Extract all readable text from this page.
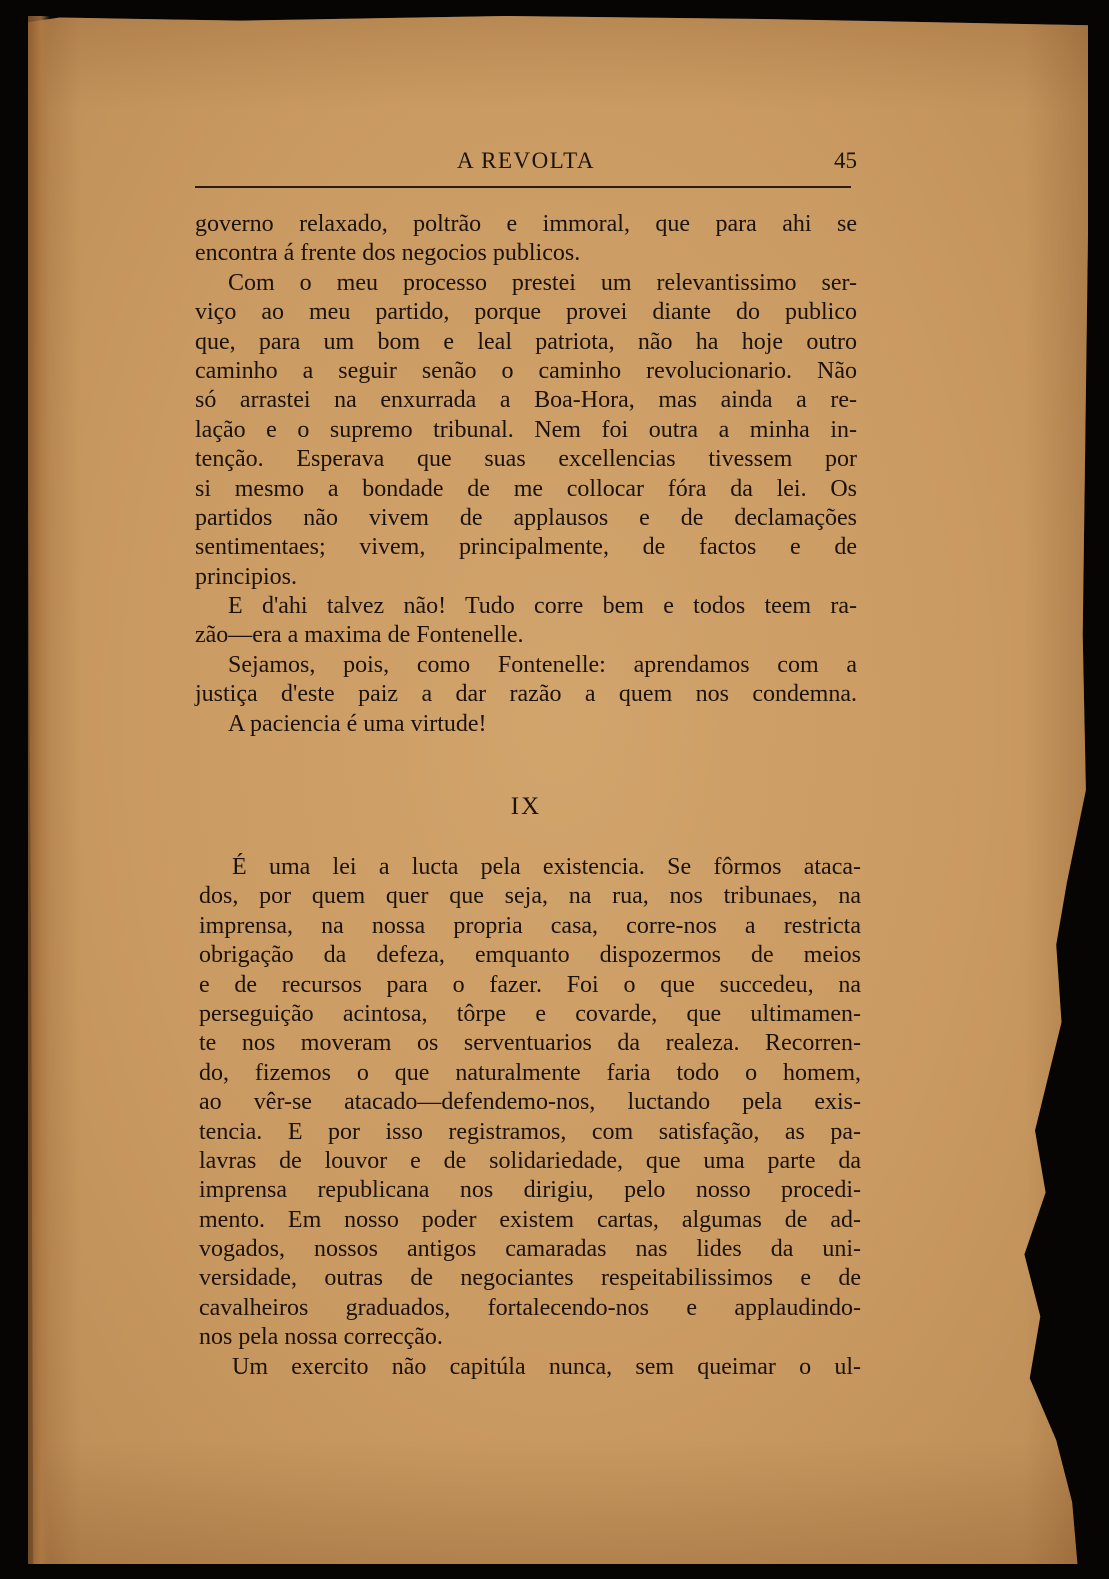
A REVOLTA	45
governo relaxado, poltrão e immoral, que para ahi se
encontra á frente dos negocios publicos.
Com o meu processo prestei um relevantissimo ser-
viço ao meu partido, porque provei diante do publico
que, para um bom e leal patriota, não ha hoje outro
caminho a seguir senão o caminho revolucionario. Não
só arrastei na enxurrada a Boa-Hora, mas ainda a re-
lação e o supremo tribunal. Nem foi outra a minha in-
tenção. Esperava que suas excellencias tivessem por
si mesmo a bondade de me collocar fóra da lei. Os
partidos não vivem de applausos e de declamações
sentimentaes; vivem, principalmente, de factos e de
principios.
E d'ahi talvez não! Tudo corre bem e todos teem ra-
zão—era a maxima de Fontenelle.
Sejamos, pois, como Fontenelle: aprendamos com a
justiça d'este paiz a dar razão a quem nos condemna.
A paciencia é uma virtude!
IX
É uma lei a lucta pela existencia. Se fôrmos ataca-
dos, por quem quer que seja, na rua, nos tribunaes, na
imprensa, na nossa propria casa, corre-nos a restricta
obrigação da defeza, emquanto dispozermos de meios
e de recursos para o fazer. Foi o que succedeu, na
perseguição acintosa, tôrpe e covarde, que ultimamen-
te nos moveram os serventuarios da realeza. Recorren-
do, fizemos o que naturalmente faria todo o homem,
ao vêr-se atacado—defendemo-nos, luctando pela exis-
tencia. E por isso registramos, com satisfação, as pa-
lavras de louvor e de solidariedade, que uma parte da
imprensa republicana nos dirigiu, pelo nosso procedi-
mento. Em nosso poder existem cartas, algumas de ad-
vogados, nossos antigos camaradas nas lides da uni-
versidade, outras de negociantes respeitabilissimos e de
cavalheiros graduados, fortalecendo-nos e applaudindo-
nos pela nossa correcção.
Um exercito não capitúla nunca, sem queimar o ul-
